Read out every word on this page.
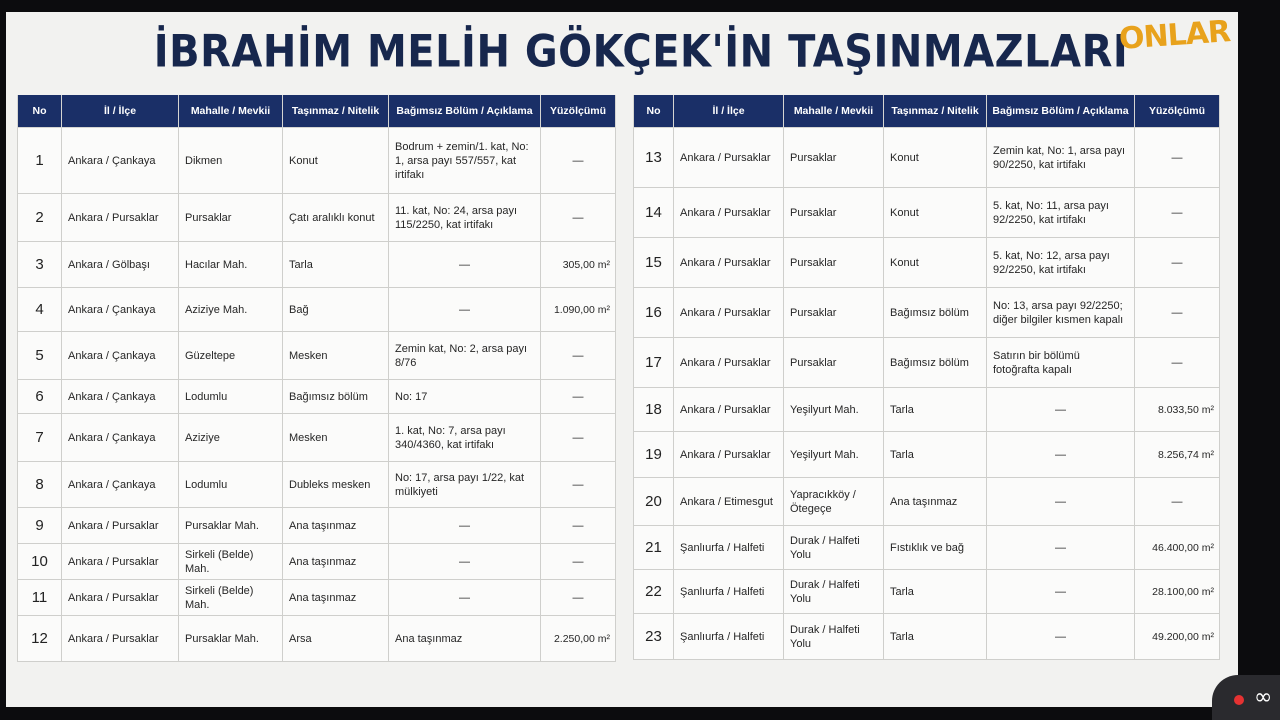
İBRAHİM MELİH GÖKÇEK'İN TAŞINMAZLARI
ONLAR
No	İl / İlçe	Mahalle / Mevkii	Taşınmaz / Nitelik	Bağımsız Bölüm / Açıklama	Yüzölçümü
1	Ankara / Çankaya	Dikmen	Konut	Bodrum + zemin/1. kat, No: 1, arsa payı 557/557, kat irtifakı	—
2	Ankara / Pursaklar	Pursaklar	Çatı aralıklı konut	11. kat, No: 24, arsa payı 115/2250, kat irtifakı	—
3	Ankara / Gölbaşı	Hacılar Mah.	Tarla	—	305,00 m²
4	Ankara / Çankaya	Aziziye Mah.	Bağ	—	1.090,00 m²
5	Ankara / Çankaya	Güzeltepe	Mesken	Zemin kat, No: 2, arsa payı 8/76	—
6	Ankara / Çankaya	Lodumlu	Bağımsız bölüm	No: 17	—
7	Ankara / Çankaya	Aziziye	Mesken	1. kat, No: 7, arsa payı 340/4360, kat irtifakı	—
8	Ankara / Çankaya	Lodumlu	Dubleks mesken	No: 17, arsa payı 1/22, kat mülkiyeti	—
9	Ankara / Pursaklar	Pursaklar Mah.	Ana taşınmaz	—	—
10	Ankara / Pursaklar	Sirkeli (Belde) Mah.	Ana taşınmaz	—	—
11	Ankara / Pursaklar	Sirkeli (Belde) Mah.	Ana taşınmaz	—	—
12	Ankara / Pursaklar	Pursaklar Mah.	Arsa	Ana taşınmaz	2.250,00 m²
No	İl / İlçe	Mahalle / Mevkii	Taşınmaz / Nitelik	Bağımsız Bölüm / Açıklama	Yüzölçümü
13	Ankara / Pursaklar	Pursaklar	Konut	Zemin kat, No: 1, arsa payı 90/2250, kat irtifakı	—
14	Ankara / Pursaklar	Pursaklar	Konut	5. kat, No: 11, arsa payı 92/2250, kat irtifakı	—
15	Ankara / Pursaklar	Pursaklar	Konut	5. kat, No: 12, arsa payı 92/2250, kat irtifakı	—
16	Ankara / Pursaklar	Pursaklar	Bağımsız bölüm	No: 13, arsa payı 92/2250; diğer bilgiler kısmen kapalı	—
17	Ankara / Pursaklar	Pursaklar	Bağımsız bölüm	Satırın bir bölümü fotoğrafta kapalı	—
18	Ankara / Pursaklar	Yeşilyurt Mah.	Tarla	—	8.033,50 m²
19	Ankara / Pursaklar	Yeşilyurt Mah.	Tarla	—	8.256,74 m²
20	Ankara / Etimesgut	Yapracıkköy / Ötegeçe	Ana taşınmaz	—	—
21	Şanlıurfa / Halfeti	Durak / Halfeti Yolu	Fıstıklık ve bağ	—	46.400,00 m²
22	Şanlıurfa / Halfeti	Durak / Halfeti Yolu	Tarla	—	28.100,00 m²
23	Şanlıurfa / Halfeti	Durak / Halfeti Yolu	Tarla	—	49.200,00 m²
∞
